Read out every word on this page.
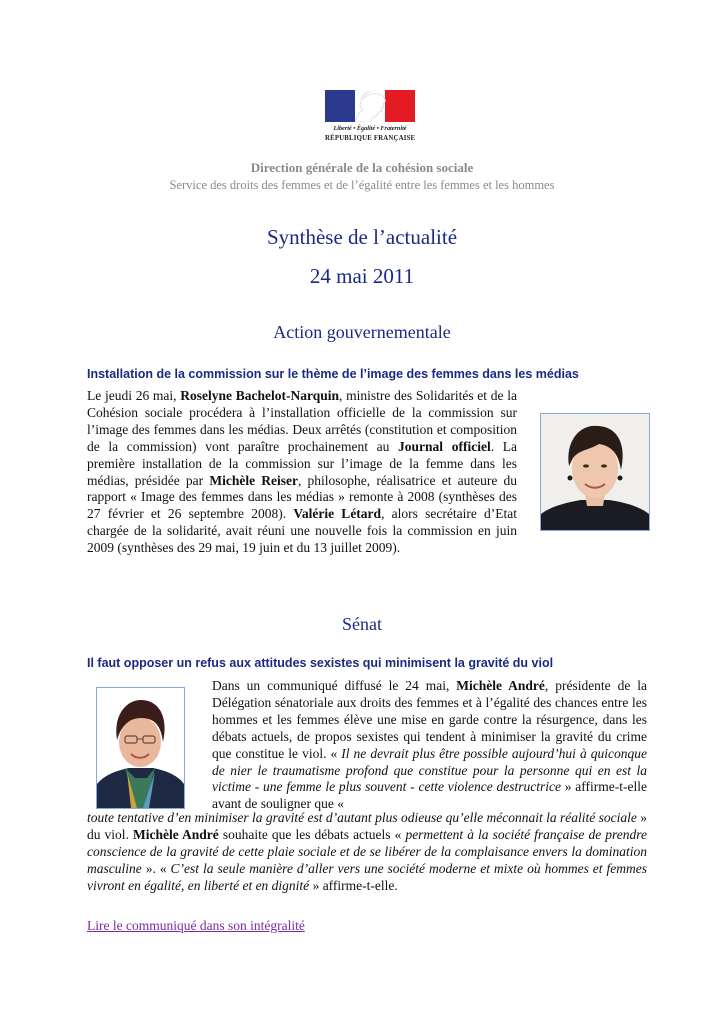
Liberté • Égalité • Fraternité
RÉPUBLIQUE FRANÇAISE
Direction générale de la cohésion sociale
Service des droits des femmes et de l’égalité entre les femmes et les hommes
Synthèse de l’actualité
24 mai 2011
Action gouvernementale
Installation de la commission sur le thème de l’image des femmes dans les médias
Le jeudi 26 mai, Roselyne Bachelot-Narquin, ministre des Solidarités et de la Cohésion sociale procédera à l’installation officielle de la commission sur l’image des femmes dans les médias. Deux arrêtés (constitution et composition de la commission) vont paraître prochainement au Journal officiel. La première installation de la commission sur l’image de la femme dans les médias, présidée par Michèle Reiser, philosophe, réalisatrice et auteure du rapport « Image des femmes dans les médias » remonte à 2008 (synthèses des 27 février et 26 septembre 2008). Valérie Létard, alors secrétaire d’Etat chargée de la solidarité, avait réuni une nouvelle fois la commission en juin 2009 (synthèses des 29 mai, 19 juin et du 13 juillet 2009).
Sénat
Il faut opposer un refus aux attitudes sexistes qui minimisent la gravité du viol
Dans un communiqué diffusé le 24 mai, Michèle André, présidente de la Délégation sénatoriale aux droits des femmes et à l’égalité des chances entre les hommes et les femmes élève une mise en garde contre la résurgence, dans les débats actuels, de propos sexistes qui tendent à minimiser la gravité du crime que constitue le viol. « Il ne devrait plus être possible aujourd’hui à quiconque de nier le traumatisme profond que constitue pour la personne qui en est la victime - une femme le plus souvent - cette violence destructrice » affirme-t-elle avant de souligner que «
toute tentative d’en minimiser la gravité est d’autant plus odieuse qu’elle méconnait la réalité sociale » du viol. Michèle André souhaite que les débats actuels « permettent à la société française de prendre conscience de la gravité de cette plaie sociale et de se libérer de la complaisance envers la domination masculine ». « C’est la seule manière d’aller vers une société moderne et mixte où hommes et femmes vivront en égalité, en liberté et en dignité » affirme-t-elle.
Lire le communiqué dans son intégralité
